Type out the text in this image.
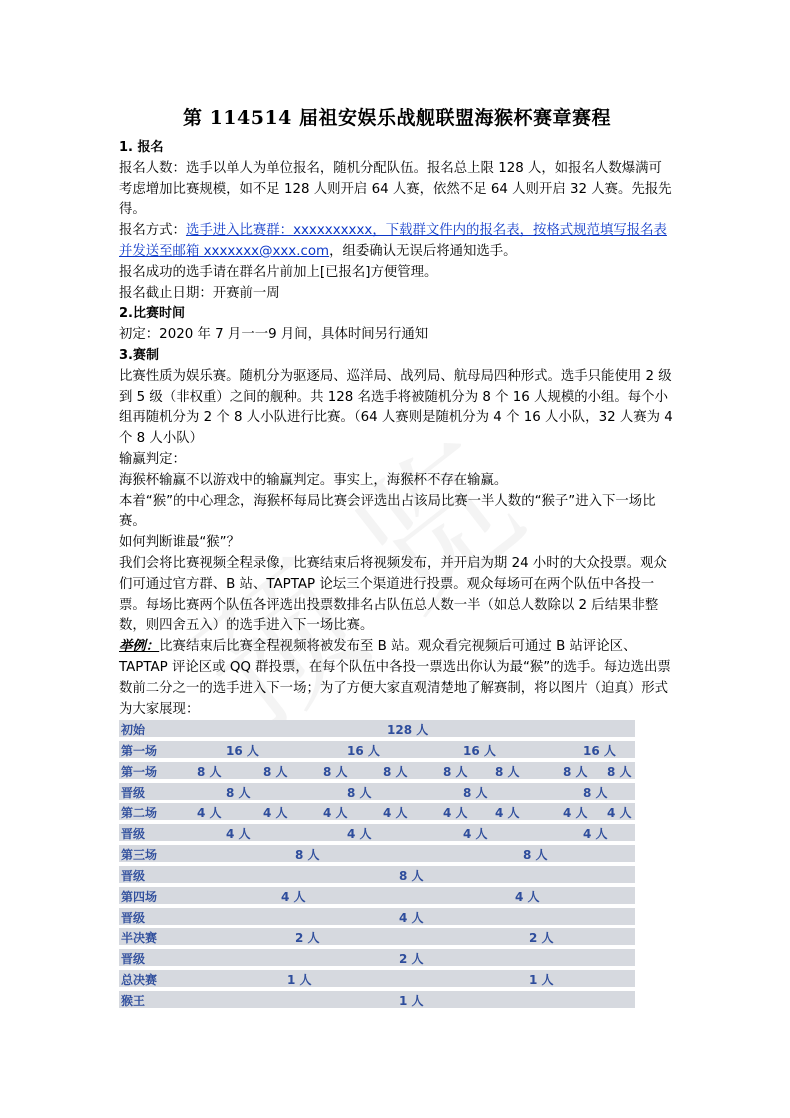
第 114514 届祖安娱乐战舰联盟海猴杯赛章赛程

1. 报名

报名人数：选手以单人为单位报名，随机分配队伍。报名总上限 128 人，如报名人数爆满可考虑增加比赛规模，如不足 128 人则开启 64 人赛，依然不足 64 人则开启 32 人赛。先报先得。

报名方式：选手进入比赛群：xxxxxxxxxx，下载群文件内的报名表，按格式规范填写报名表并发送至邮箱 xxxxxxx@xxx.com，组委确认无误后将通知选手。

报名成功的选手请在群名片前加上[已报名]方便管理。

报名截止日期：开赛前一周

2.比赛时间

初定：2020 年 7 月一一9 月间，具体时间另行通知

3.赛制

比赛性质为娱乐赛。随机分为驱逐局、巡洋局、战列局、航母局四种形式。选手只能使用 2 级到 5 级（非权重）之间的舰种。共 128 名选手将被随机分为 8 个 16 人规模的小组。每个小组再随机分为 2 个 8 人小队进行比赛。（64 人赛则是随机分为 4 个 16 人小队，32 人赛为 4 个 8 人小队）

输赢判定：

海猴杯输赢不以游戏中的输赢判定。事实上，海猴杯不存在输赢。

本着“猴”的中心理念，海猴杯每局比赛会评选出占该局比赛一半人数的“猴子”进入下一场比赛。

如何判断谁最“猴”？

我们会将比赛视频全程录像，比赛结束后将视频发布，并开启为期 24 小时的大众投票。观众们可通过官方群、B 站、TAPTAP 论坛三个渠道进行投票。观众每场可在两个队伍中各投一票。每场比赛两个队伍各评选出投票数排名占队伍总人数一半（如总人数除以 2 后结果非整数，则四舍五入）的选手进入下一场比赛。

举例：比赛结束后比赛全程视频将被发布至 B 站。观众看完视频后可通过 B 站评论区、TAPTAP 评论区或 QQ 群投票，在每个队伍中各投一票选出你认为最“猴”的选手。每边选出票数前二分之一的选手进入下一场；为了方便大家直观清楚地了解赛制，将以图片（迫真）形式为大家展现：

初始	128 人
第一场	16 人	16 人	16 人	16 人
第一场	8 人	8 人	8 人	8 人	8 人 8 人	8 人 8 人
晋级	8 人	8 人	8 人	8 人
第二场	4 人	4 人	4 人	4 人	4 人 4 人	4 人 4 人
晋级	4 人	4 人	4 人	4 人
第三场	8 人	8 人
晋级	8 人
第四场	4 人	4 人
晋级	4 人
半决赛	2 人	2 人
晋级	2 人
总决赛	1 人	1 人
猴王	1 人
